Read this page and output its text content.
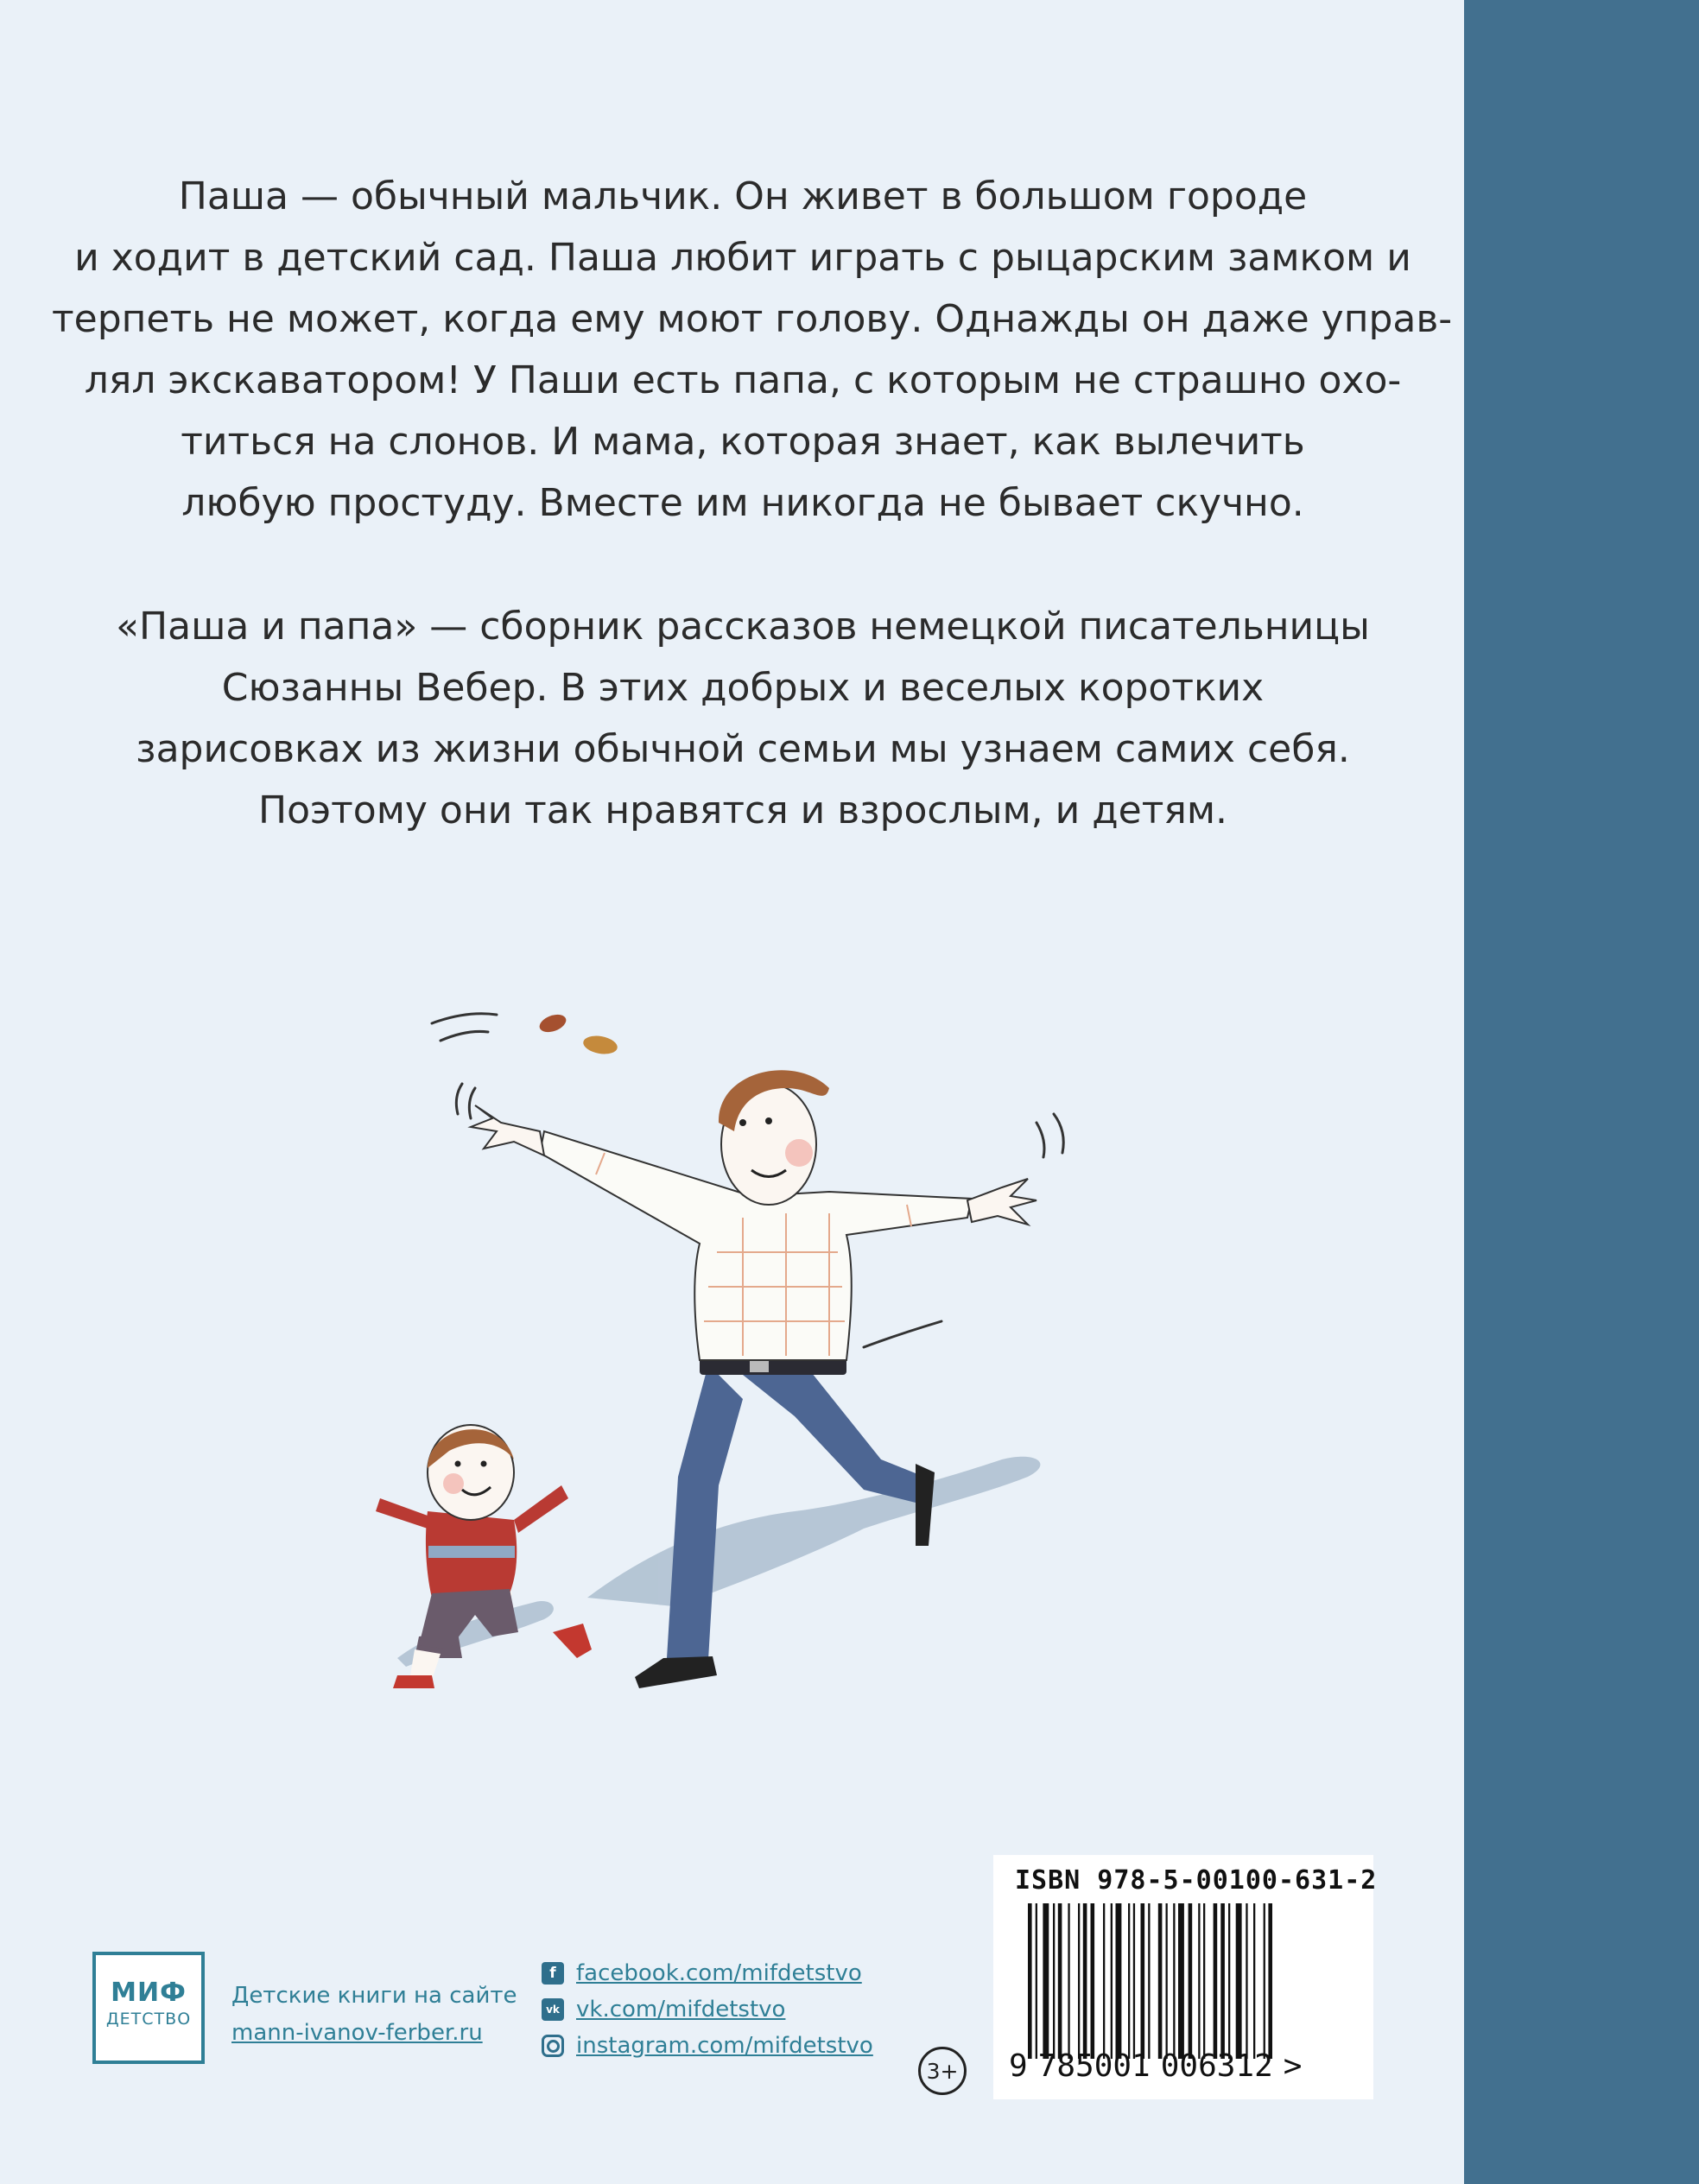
Паша — обычный мальчик. Он живет в большом городе
и ходит в детский сад. Паша любит играть с рыцарским замком и
терпеть не может, когда ему моют голову. Однажды он даже управ-
лял экскаватором! У Паши есть папа, с которым не страшно охо-
титься на слонов. И мама, которая знает, как вылечить
любую простуду. Вместе им никогда не бывает скучно.
«Паша и папа» — сборник рассказов немецкой писательницы
Сюзанны Вебер. В этих добрых и веселых коротких
зарисовках из жизни обычной семьи мы узнаем самих себя.
Поэтому они так нравятся и взрослым, и детям.
МИФ
ДЕТСТВО
Детские книги на сайте
mann-ivanov-ferber.ru
f facebook.com/mifdetstvo
vk vk.com/mifdetstvo
instagram.com/mifdetstvo
3+
ISBN 978-5-00100-631-2
9 785001 006312 >
